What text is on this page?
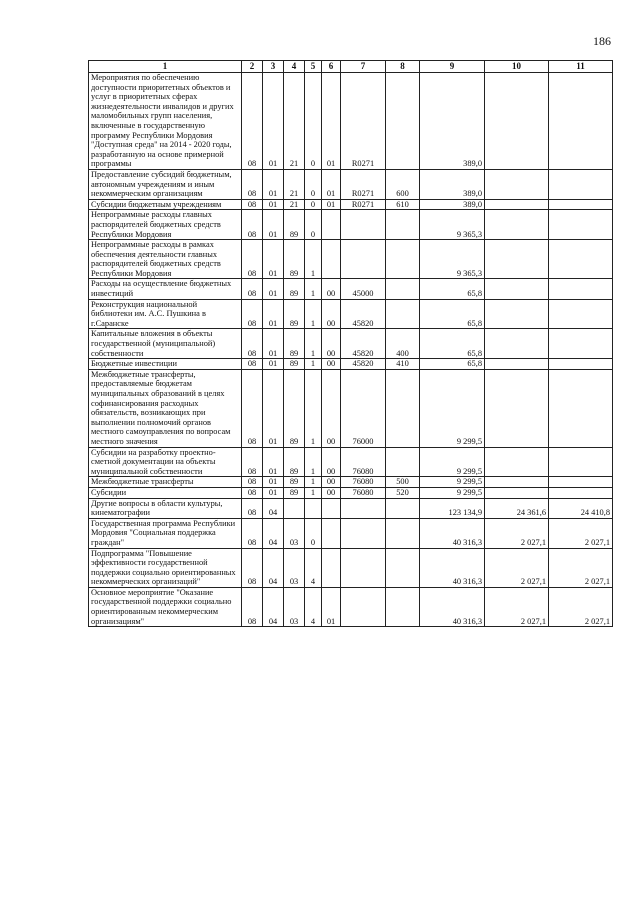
186
1	2	3	4	5	6	7	8	9	10	11
Мероприятия по обеспечению доступности приоритетных объектов и услуг в приоритетных сферах жизнедеятельности инвалидов и других маломобильных групп населения, включенные в государственную программу Республики Мордовия "Доступная среда" на 2014 - 2020 годы, разработанную на основе примерной программы	08	01	21	0	01	R0271		389,0		
Предоставление субсидий бюджетным, автономным учреждениям и иным некоммерческим организациям	08	01	21	0	01	R0271	600	389,0		
Субсидии бюджетным учреждениям	08	01	21	0	01	R0271	610	389,0		
Непрограммные расходы главных распорядителей бюджетных средств Республики Мордовия	08	01	89	0				9 365,3		
Непрограммные расходы в рамках обеспечения деятельности главных распорядителей бюджетных средств Республики Мордовия	08	01	89	1				9 365,3		
Расходы на осуществление бюджетных инвестиций	08	01	89	1	00	45000		65,8		
Реконструкция национальной библиотеки им. А.С. Пушкина в г.Саранске	08	01	89	1	00	45820		65,8		
Капитальные вложения в объекты государственной (муниципальной) собственности	08	01	89	1	00	45820	400	65,8		
Бюджетные инвестиции	08	01	89	1	00	45820	410	65,8		
Межбюджетные трансферты, предоставляемые бюджетам муниципальных образований в целях софинансирования расходных обязательств, возникающих при выполнении полномочий органов местного самоуправления по вопросам местного значения	08	01	89	1	00	76000		9 299,5		
Субсидии на разработку проектно-сметной документации на объекты муниципальной собственности	08	01	89	1	00	76080		9 299,5		
Межбюджетные трансферты	08	01	89	1	00	76080	500	9 299,5		
Субсидии	08	01	89	1	00	76080	520	9 299,5		
Другие вопросы в области культуры, кинематографии	08	04						123 134,9	24 361,6	24 410,8
Государственная программа Республики Мордовия "Социальная поддержка граждан"	08	04	03	0				40 316,3	2 027,1	2 027,1
Подпрограмма "Повышение эффективности государственной поддержки социально ориентированных некоммерческих организаций"	08	04	03	4				40 316,3	2 027,1	2 027,1
Основное мероприятие "Оказание государственной поддержки социально ориентированным некоммерческим организациям"	08	04	03	4	01			40 316,3	2 027,1	2 027,1
